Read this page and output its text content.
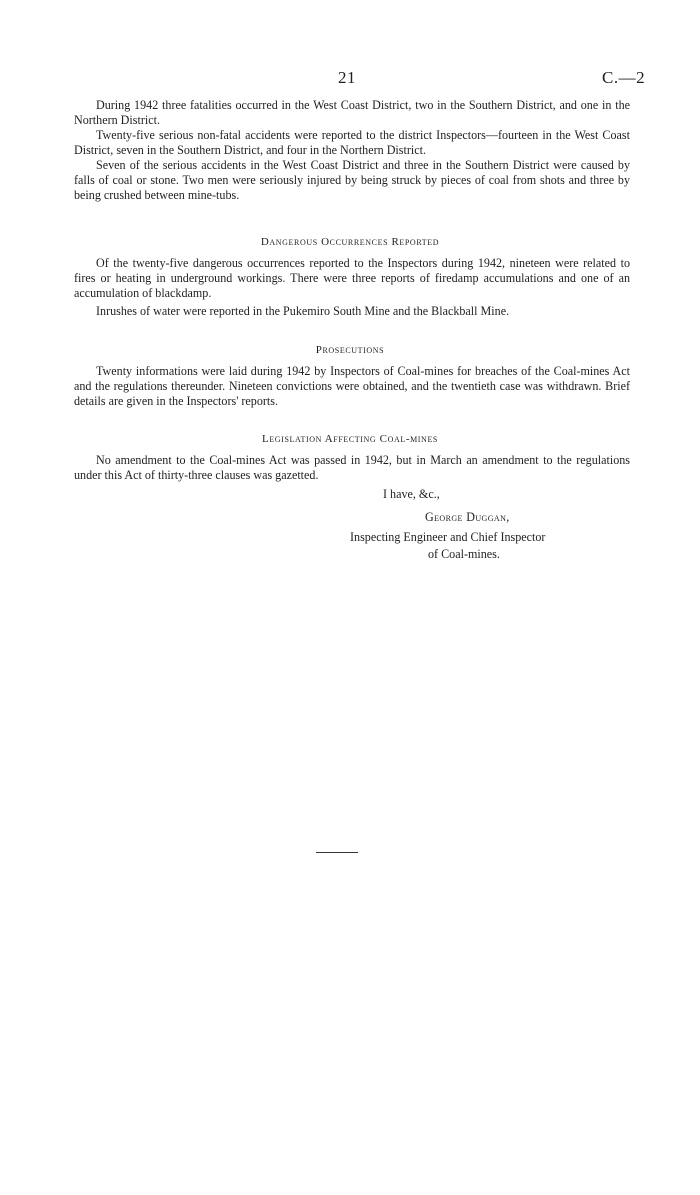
21	C.—2

During 1942 three fatalities occurred in the West Coast District, two in the Southern District, and one in the Northern District.

Twenty-five serious non-fatal accidents were reported to the district Inspectors—fourteen in the West Coast District, seven in the Southern District, and four in the Northern District.

Seven of the serious accidents in the West Coast District and three in the Southern District were caused by falls of coal or stone. Two men were seriously injured by being struck by pieces of coal from shots and three by being crushed between mine-tubs.

Dangerous Occurrences Reported

Of the twenty-five dangerous occurrences reported to the Inspectors during 1942, nineteen were related to fires or heating in underground workings. There were three reports of firedamp accumulations and one of an accumulation of blackdamp.

Inrushes of water were reported in the Pukemiro South Mine and the Blackball Mine.

Prosecutions

Twenty informations were laid during 1942 by Inspectors of Coal-mines for breaches of the Coal-mines Act and the regulations thereunder. Nineteen convictions were obtained, and the twentieth case was withdrawn. Brief details are given in the Inspectors' reports.

Legislation Affecting Coal-mines

No amendment to the Coal-mines Act was passed in 1942, but in March an amendment to the regulations under this Act of thirty-three clauses was gazetted.

I have, &c.,
George Duggan,
Inspecting Engineer and Chief Inspector
of Coal-mines.
